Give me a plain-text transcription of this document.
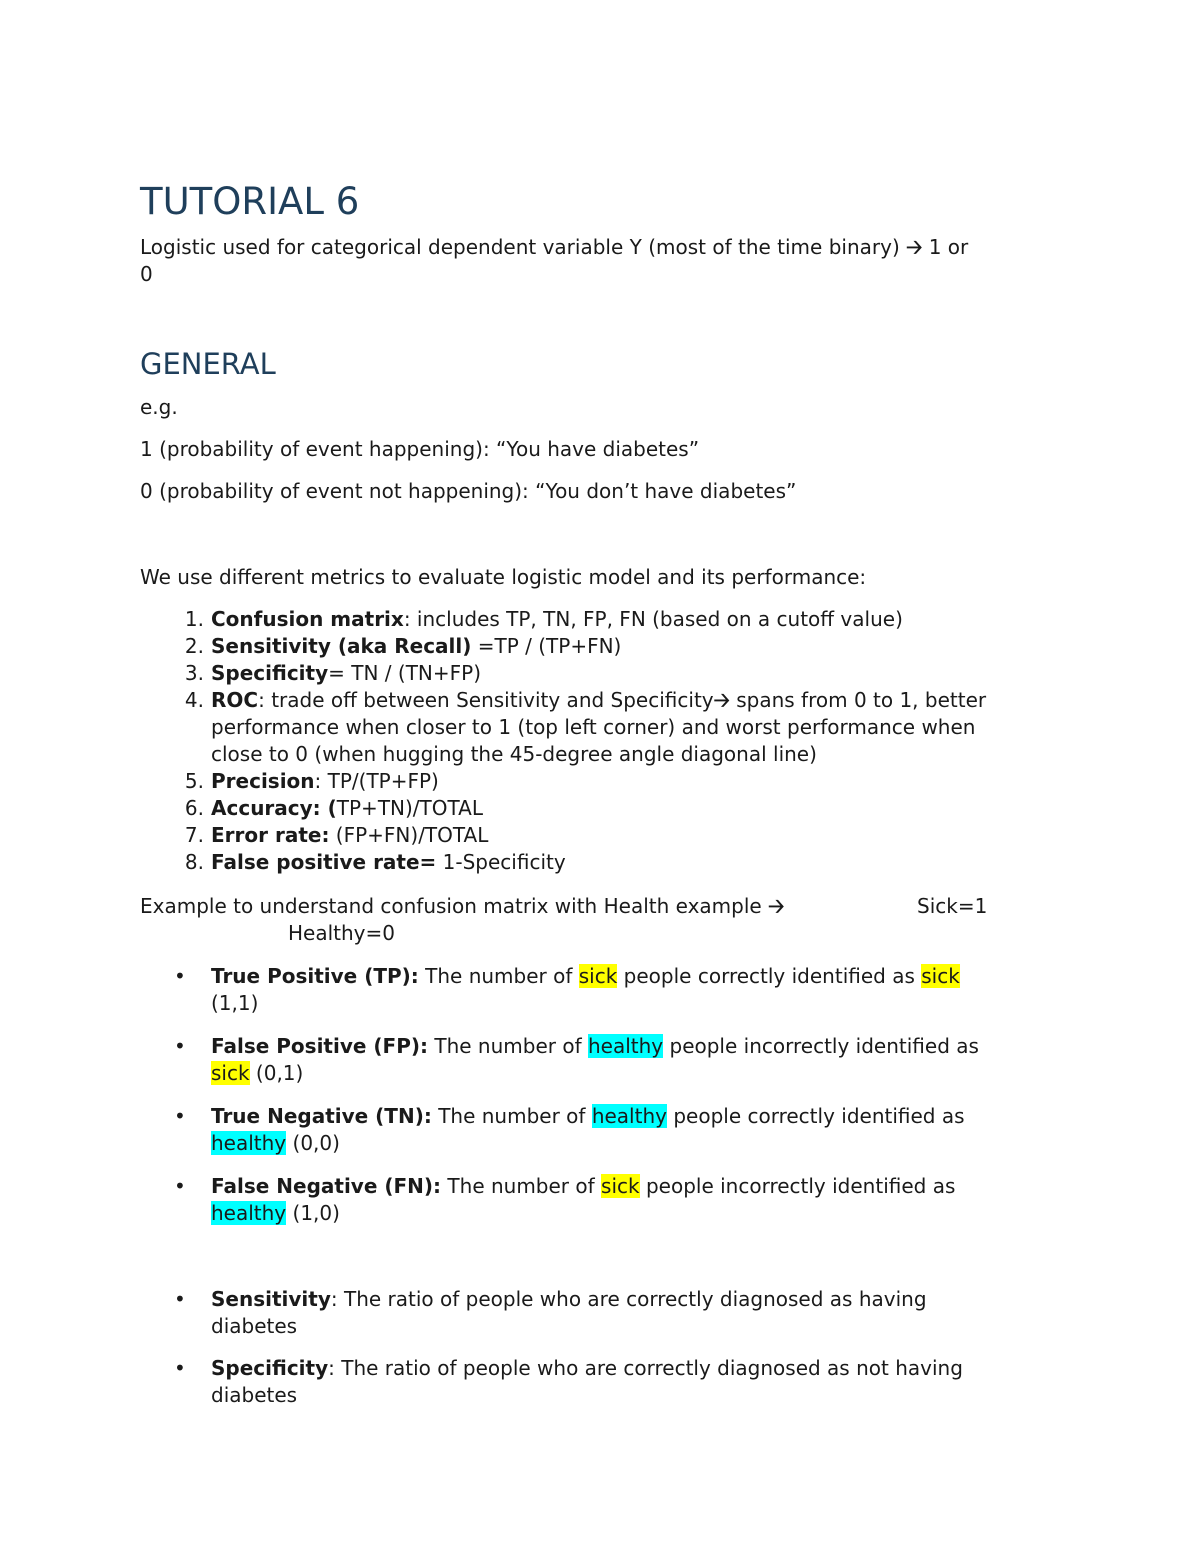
TUTORIAL 6
Logistic used for categorical dependent variable Y (most of the time binary) 🡢 1 or
0
GENERAL
e.g.
1 (probability of event happening): “You have diabetes”
0 (probability of event not happening): “You don’t have diabetes”
We use different metrics to evaluate logistic model and its performance:
1. Confusion matrix: includes TP, TN, FP, FN (based on a cutoff value)
2. Sensitivity (aka Recall) =TP / (TP+FN)
3. Specificity= TN / (TN+FP)
4. ROC: trade off between Sensitivity and Specificity🡢 spans from 0 to 1, better
performance when closer to 1 (top left corner) and worst performance when
close to 0 (when hugging the 45-degree angle diagonal line)
5. Precision: TP/(TP+FP)
6. Accuracy: (TP+TN)/TOTAL
7. Error rate: (FP+FN)/TOTAL
8. False positive rate= 1-Specificity
Example to understand confusion matrix with Health example 🡢	Sick=1
Healthy=0
• True Positive (TP): The number of sick people correctly identified as sick
(1,1)
• False Positive (FP): The number of healthy people incorrectly identified as
sick (0,1)
• True Negative (TN): The number of healthy people correctly identified as
healthy (0,0)
• False Negative (FN): The number of sick people incorrectly identified as
healthy (1,0)
• Sensitivity: The ratio of people who are correctly diagnosed as having
diabetes
• Specificity: The ratio of people who are correctly diagnosed as not having
diabetes
